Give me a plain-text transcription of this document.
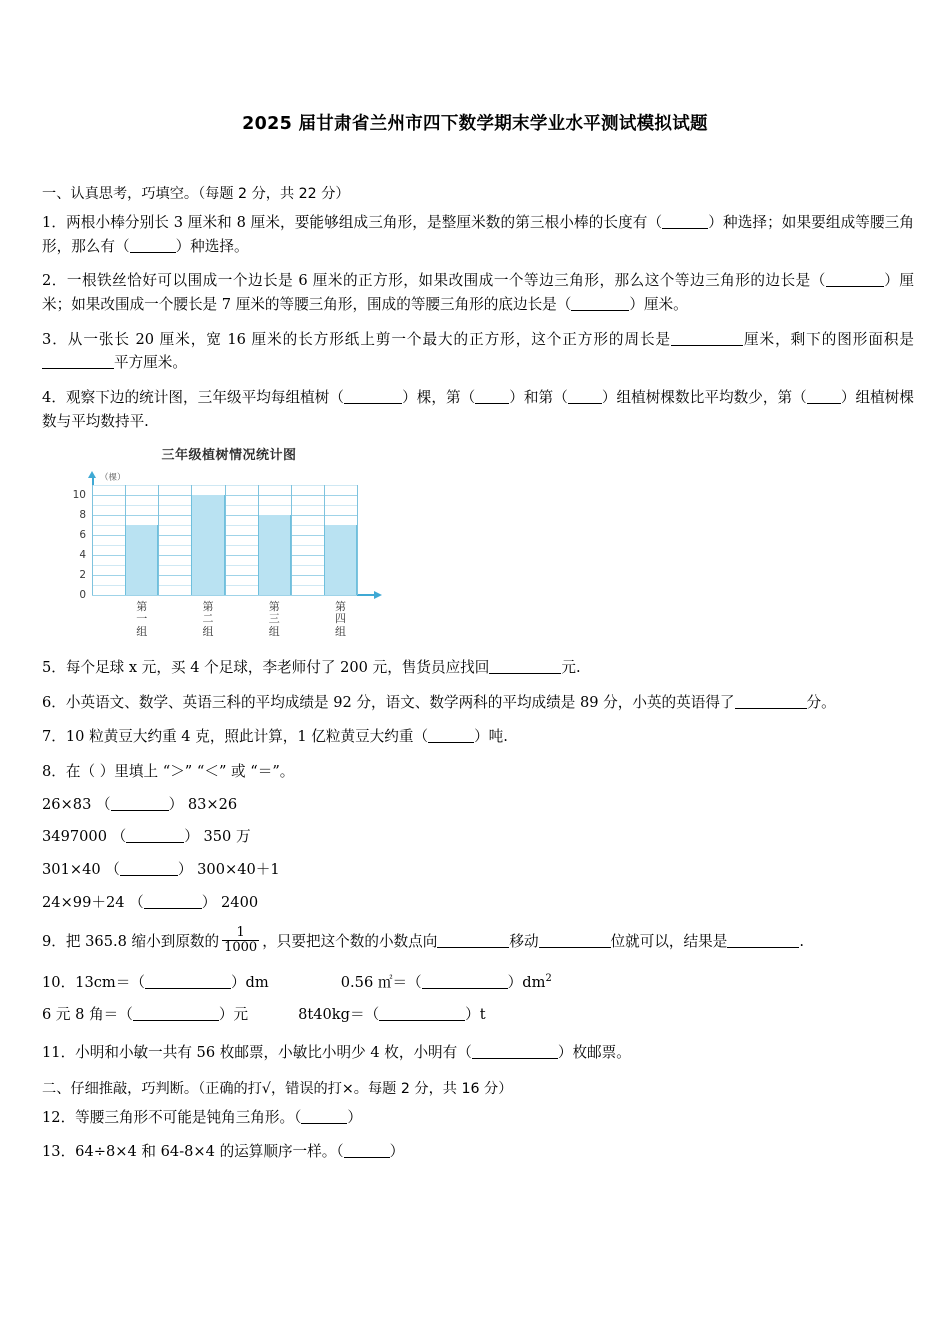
2025 届甘肃省兰州市四下数学期末学业水平测试模拟试题

一、认真思考，巧填空。（每题 2 分，共 22 分）

1．两根小棒分别长 3 厘米和 8 厘米，要能够组成三角形，是整厘米数的第三根小棒的长度有（	）种选择；如果要组成等腰三角形，那么有（	）种选择。

2．一根铁丝恰好可以围成一个边长是 6 厘米的正方形，如果改围成一个等边三角形，那么这个等边三角形的边长是（	）厘米；如果改围成一个腰长是 7 厘米的等腰三角形，围成的等腰三角形的底边长是（	）厘米。

3．从一张长 20 厘米，宽 16 厘米的长方形纸上剪一个最大的正方形，这个正方形的周长是	厘米，剩下的图形面积是平方厘米。

4．观察下边的统计图，三年级平均每组植树（	）棵，第（ ）和第（ ）组植树棵数比平均数少，第（ ）组植树棵数与平均数持平.

三年级植树情况统计图
（棵）
0
2
4
6
8
10
第一组
第二组
第三组
第四组

5．每个足球 x 元，买 4 个足球，李老师付了 200 元，售货员应找回	元.

6．小英语文、数学、英语三科的平均成绩是 92 分，语文、数学两科的平均成绩是 89 分，小英的英语得了	分。

7．10 粒黄豆大约重 4 克，照此计算，1 亿粒黄豆大约重（	）吨.

8．在（ ）里填上 “＞” “＜” 或 “＝”。

26×83 （	） 83×26

3497000 （	） 350 万

301×40 （	） 300×40＋1

24×99＋24 （	） 2400

9．把 365.8 缩小到原数的 $\frac{1}{1000}$ ，只要把这个数的小数点向	移动	位就可以，结果是	.

10．13cm＝（	）dm	0.56 ㎡＝（	）$dm^2$

6 元 8 角＝（	）元	8t40kg＝（	）t

11．小明和小敏一共有 56 枚邮票，小敏比小明少 4 枚，小明有（	）枚邮票。

二、仔细推敲，巧判断。（正确的打√，错误的打×。每题 2 分，共 16 分）

12．等腰三角形不可能是钝角三角形。（	）

13．64÷8×4 和 64-8×4 的运算顺序一样。（	）
